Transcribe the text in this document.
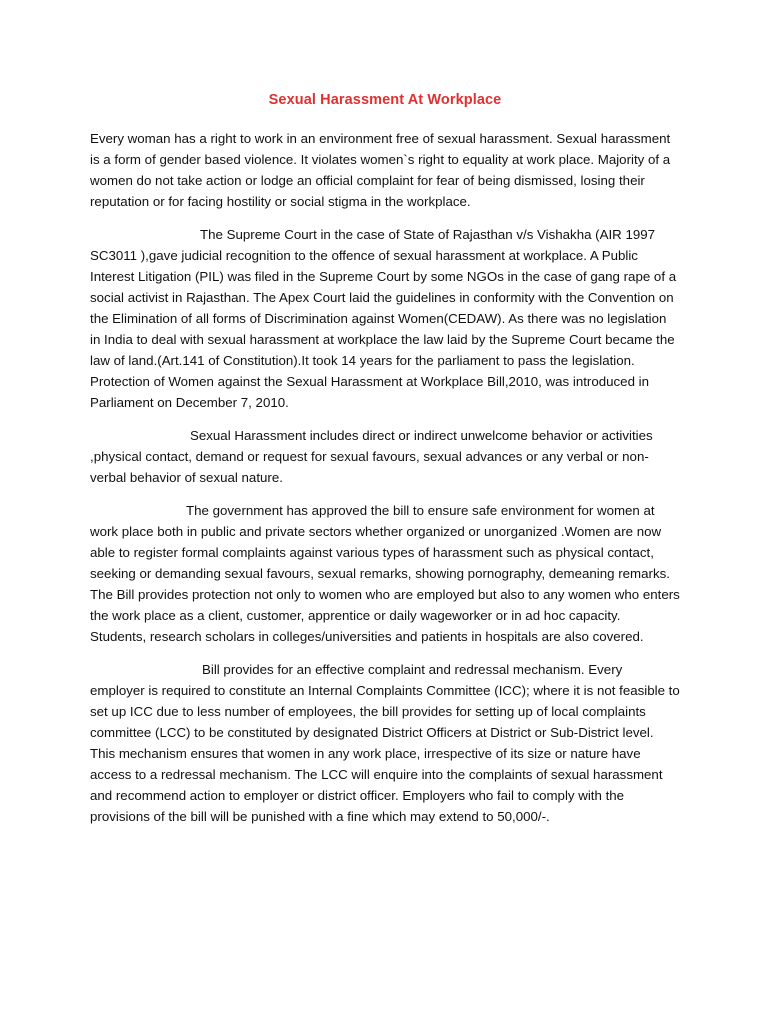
Sexual Harassment At Workplace

Every woman has a right to work in an environment free of sexual harassment. Sexual harassment is a form of gender based violence. It violates women`s right to equality at work place. Majority of a women do not take action or lodge an official complaint for fear of being dismissed, losing their reputation or for facing hostility or social stigma in the workplace.

The Supreme Court in the case of State of Rajasthan v/s Vishakha (AIR 1997 SC3011 ),gave judicial recognition to the offence of sexual harassment at workplace. A Public Interest Litigation (PIL) was filed in the Supreme Court by some NGOs in the case of gang rape of a social activist in Rajasthan. The Apex Court laid the guidelines in conformity with the Convention on the Elimination of all forms of Discrimination against Women(CEDAW). As there was no legislation in India to deal with sexual harassment at workplace the law laid by the Supreme Court became the law of land.(Art.141 of Constitution).It took 14 years for the parliament to pass the legislation. Protection of Women against the Sexual Harassment at Workplace Bill,2010, was introduced in Parliament on December 7, 2010.

Sexual Harassment includes direct or indirect unwelcome behavior or activities ,physical contact, demand or request for sexual favours, sexual advances or any verbal or non-verbal behavior of sexual nature.

The government has approved the bill to ensure safe environment for women at work place both in public and private sectors whether organized or unorganized .Women are now able to register formal complaints against various types of harassment such as physical contact, seeking or demanding sexual favours, sexual remarks, showing pornography, demeaning remarks. The Bill provides protection not only to women who are employed but also to any women who enters the work place as a client, customer, apprentice or daily wageworker or in ad hoc capacity. Students, research scholars in colleges/universities and patients in hospitals are also covered.

Bill provides for an effective complaint and redressal mechanism. Every employer is required to constitute an Internal Complaints Committee (ICC); where it is not feasible to set up ICC due to less number of employees, the bill provides for setting up of local complaints committee (LCC) to be constituted by designated District Officers at District or Sub-District level. This mechanism ensures that women in any work place, irrespective of its size or nature have access to a redressal mechanism. The LCC will enquire into the complaints of sexual harassment and recommend action to employer or district officer. Employers who fail to comply with the provisions of the bill will be punished with a fine which may extend to 50,000/-.
